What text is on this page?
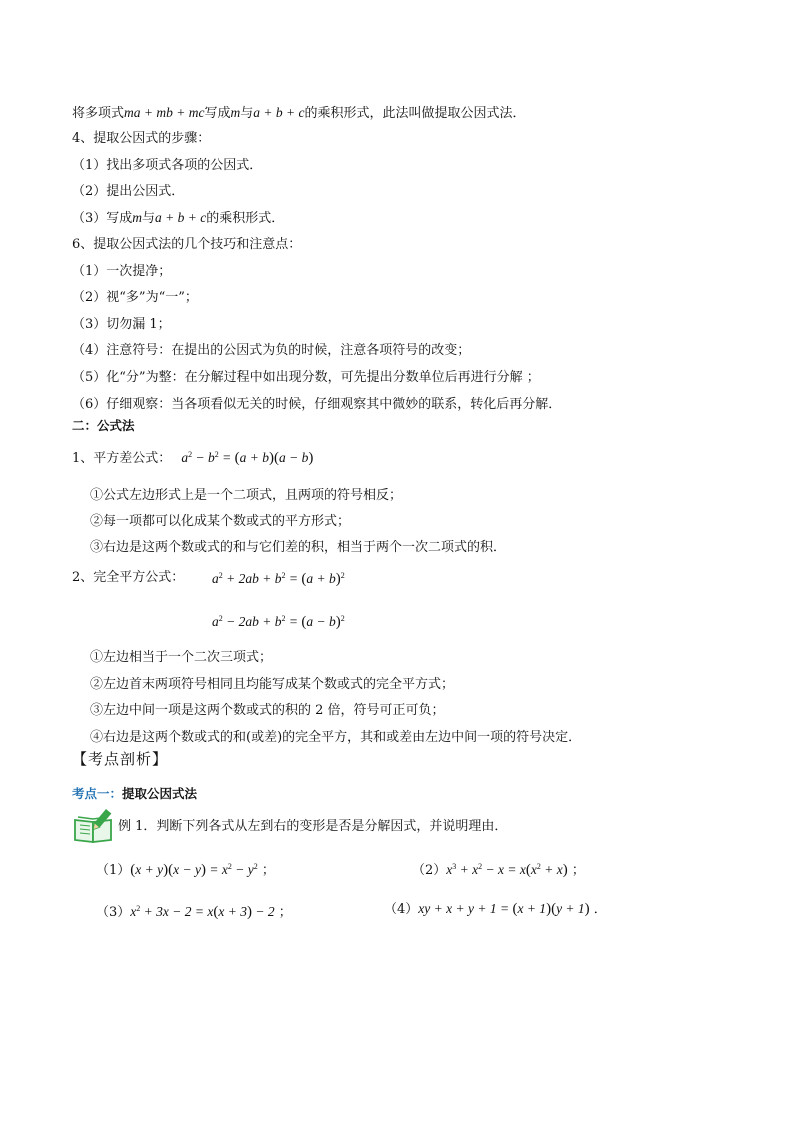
将多项式ma + mb + mc写成m与a + b + c的乘积形式，此法叫做提取公因式法．
4、提取公因式的步骤：
（1）找出多项式各项的公因式．
（2）提出公因式．
（3）写成m与a + b + c的乘积形式．
6、提取公因式法的几个技巧和注意点：
（1）一次提净；
（2）视“多”为“一”；
（3）切勿漏 1；
（4）注意符号：在提出的公因式为负的时候，注意各项符号的改变；
（5）化“分”为整：在分解过程中如出现分数，可先提出分数单位后再进行分解 ；
（6）仔细观察：当各项看似无关的时候，仔细观察其中微妙的联系，转化后再分解．
二：公式法
1、平方差公式： $a^2 - b^2 = (a + b)(a - b)$
①公式左边形式上是一个二项式，且两项的符号相反；
②每一项都可以化成某个数或式的平方形式；
③右边是这两个数或式的和与它们差的积，相当于两个一次二项式的积．
2、完全平方公式： $a^2 + 2ab + b^2 = (a + b)^2$
$a^2 - 2ab + b^2 = (a - b)^2$
①左边相当于一个二次三项式；
②左边首末两项符号相同且均能写成某个数或式的完全平方式；
③左边中间一项是这两个数或式的积的 2 倍，符号可正可负；
④右边是这两个数或式的和(或差)的完全平方，其和或差由左边中间一项的符号决定．
【考点剖析】
考点一：提取公因式法
例 1．判断下列各式从左到右的变形是否是分解因式，并说明理由．
$(1)(x + y)(x - y) = x^2 - y^2$ ；	$(2)x^3 + x^2 - x = x(x^2 + x)$ ；
$(3)x^2 + 3x - 2 = x(x + 3) - 2$ ；	（4）xy + x + y + 1 = (x + 1)(y + 1) ．
